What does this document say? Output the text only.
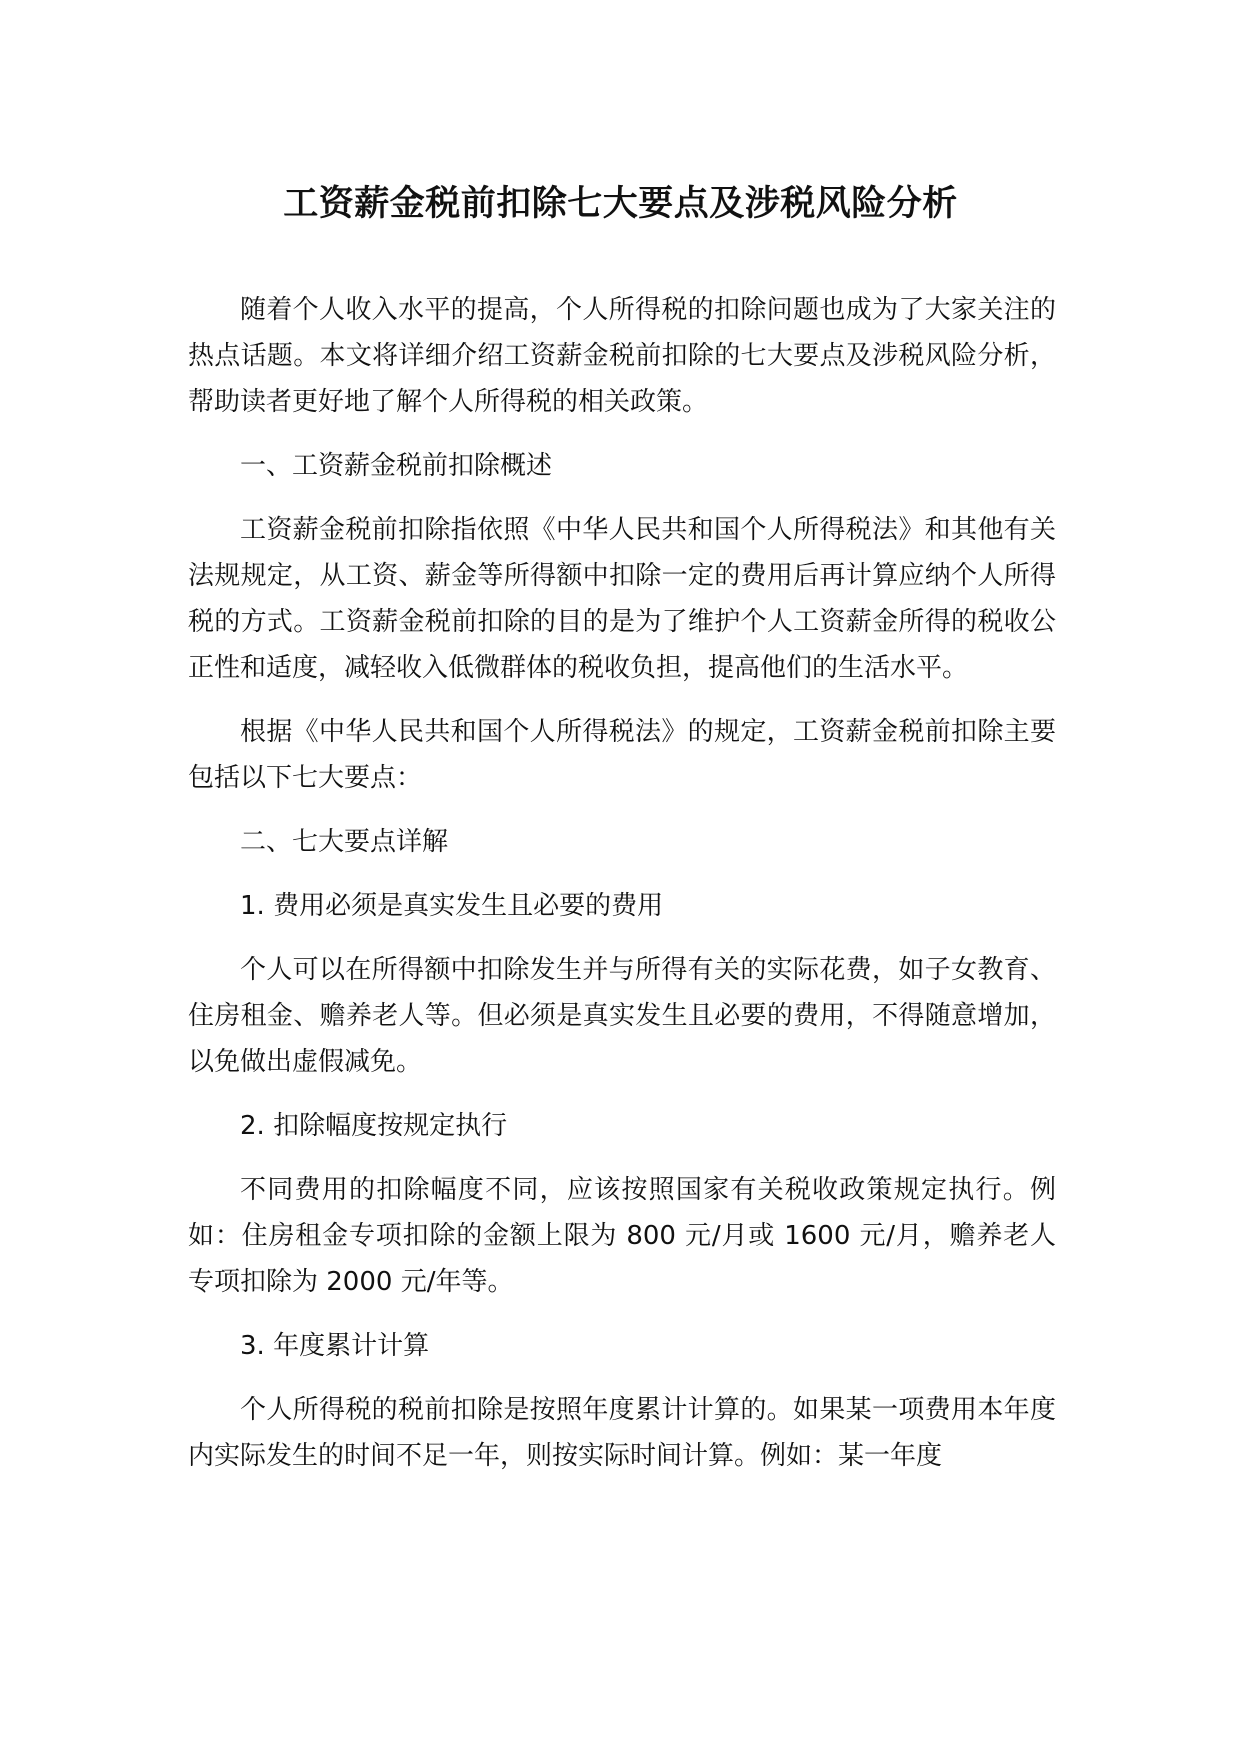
工资薪金税前扣除七大要点及涉税风险分析

随着个人收入水平的提高，个人所得税的扣除问题也成为了大家关注的热点话题。本文将详细介绍工资薪金税前扣除的七大要点及涉税风险分析，帮助读者更好地了解个人所得税的相关政策。

一、工资薪金税前扣除概述

工资薪金税前扣除指依照《中华人民共和国个人所得税法》和其他有关法规规定，从工资、薪金等所得额中扣除一定的费用后再计算应纳个人所得税的方式。工资薪金税前扣除的目的是为了维护个人工资薪金所得的税收公正性和适度，减轻收入低微群体的税收负担，提高他们的生活水平。

根据《中华人民共和国个人所得税法》的规定，工资薪金税前扣除主要包括以下七大要点：

二、七大要点详解

1. 费用必须是真实发生且必要的费用

个人可以在所得额中扣除发生并与所得有关的实际花费，如子女教育、住房租金、赡养老人等。但必须是真实发生且必要的费用，不得随意增加，以免做出虚假减免。

2. 扣除幅度按规定执行

不同费用的扣除幅度不同，应该按照国家有关税收政策规定执行。例如：住房租金专项扣除的金额上限为 800 元/月或 1600 元/月，赡养老人专项扣除为 2000 元/年等。

3. 年度累计计算

个人所得税的税前扣除是按照年度累计计算的。如果某一项费用本年度内实际发生的时间不足一年，则按实际时间计算。例如：某一年度
